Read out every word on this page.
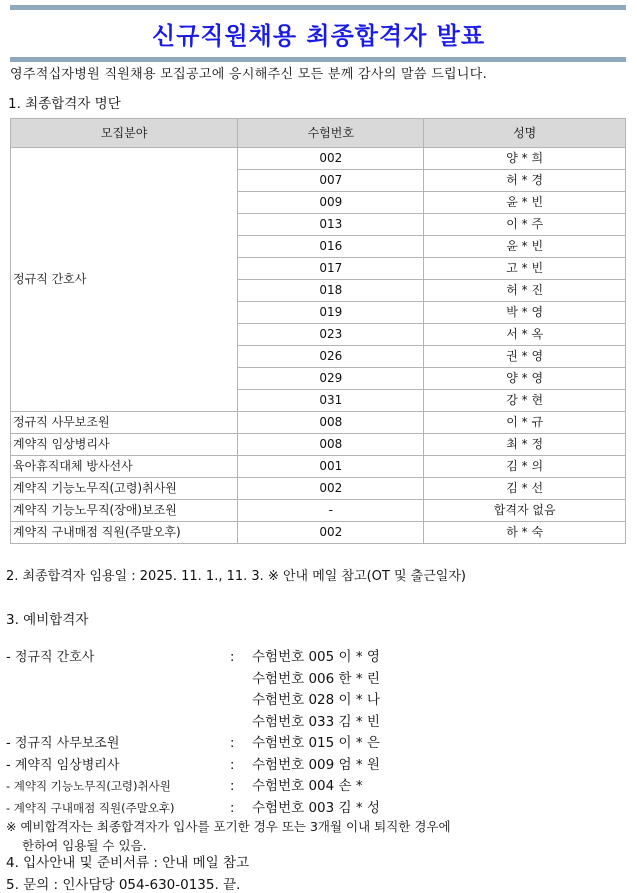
신규직원채용 최종합격자 발표
영주적십자병원 직원채용 모집공고에 응시해주신 모든 분께 감사의 말씀 드립니다.
1. 최종합격자 명단
모집분야	수험번호	성명
정규직 간호사	002	양 * 희
	007	허 * 경
	009	윤 * 빈
	013	이 * 주
	016	윤 * 빈
	017	고 * 빈
	018	허 * 진
	019	박 * 영
	023	서 * 옥
	026	권 * 영
	029	양 * 영
	031	강 * 현
정규직 사무보조원	008	이 * 규
계약직 임상병리사	008	최 * 정
육아휴직대체 방사선사	001	김 * 의
계약직 기능노무직(고령)취사원	002	김 * 선
계약직 기능노무직(장애)보조원	-	합격자 없음
계약직 구내매점 직원(주말오후)	002	하 * 숙
2. 최종합격자 임용일 : 2025. 11. 1., 11. 3. ※ 안내 메일 참고(OT 및 출근일자)
3. 예비합격자
- 정규직 간호사	: 수험번호 005 이 * 영
수험번호 006 한 * 린
수험번호 028 이 * 나
수험번호 033 김 * 빈
- 정규직 사무보조원	: 수험번호 015 이 * 은
- 계약직 임상병리사	: 수험번호 009 엄 * 원
- 계약직 기능노무직(고령)취사원	: 수험번호 004 손 *
- 계약직 구내매점 직원(주말오후)	: 수험번호 003 김 * 성
※ 예비합격자는 최종합격자가 입사를 포기한 경우 또는 3개월 이내 퇴직한 경우에
한하여 임용될 수 있음.
4. 입사안내 및 준비서류 : 안내 메일 참고
5. 문의 : 인사담당 054-630-0135. 끝.
